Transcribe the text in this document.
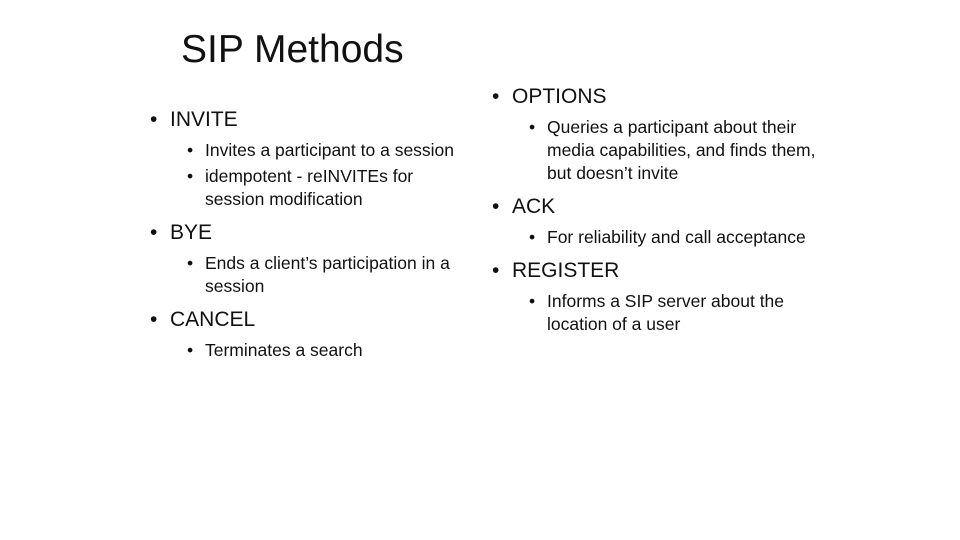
SIP Methods
• INVITE
• Invites a participant to a session
• idempotent - reINVITEs for session modification
• BYE
• Ends a client’s participation in a session
• CANCEL
• Terminates a search
• OPTIONS
• Queries a participant about their media capabilities, and finds them, but doesn’t invite
• ACK
• For reliability and call acceptance
• REGISTER
• Informs a SIP server about the location of a user
